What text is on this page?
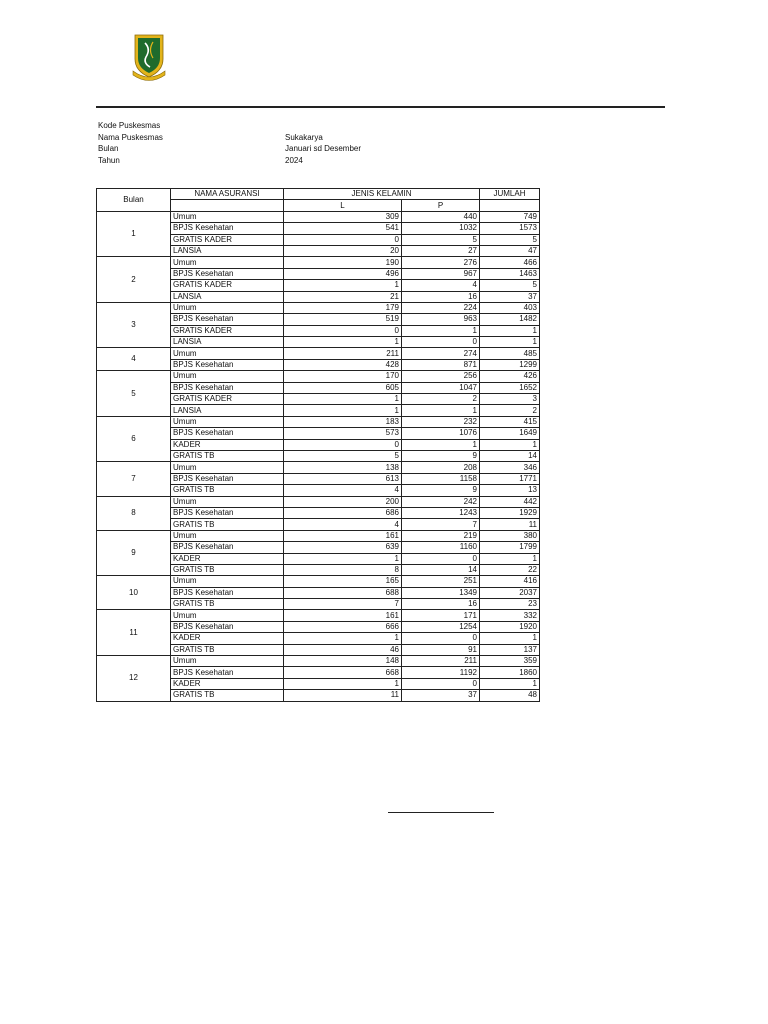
Kode Puskesmas
Nama Puskesmas	Sukakarya
Bulan	Januari sd Desember
Tahun	2024
Bulan	NAMA ASURANSI	JENIS KELAMIN		JUMLAH
		L	P	
1	Umum	309	440	749
	BPJS Kesehatan	541	1032	1573
	GRATIS KADER	0	5	5
	LANSIA	20	27	47
2	Umum	190	276	466
	BPJS Kesehatan	496	967	1463
	GRATIS KADER	1	4	5
	LANSIA	21	16	37
3	Umum	179	224	403
	BPJS Kesehatan	519	963	1482
	GRATIS KADER	0	1	1
	LANSIA	1	0	1
4	Umum	211	274	485
	BPJS Kesehatan	428	871	1299
5	Umum	170	256	426
	BPJS Kesehatan	605	1047	1652
	GRATIS KADER	1	2	3
	LANSIA	1	1	2
6	Umum	183	232	415
	BPJS Kesehatan	573	1076	1649
	KADER	0	1	1
	GRATIS TB	5	9	14
7	Umum	138	208	346
	BPJS Kesehatan	613	1158	1771
	GRATIS TB	4	9	13
8	Umum	200	242	442
	BPJS Kesehatan	686	1243	1929
	GRATIS TB	4	7	11
9	Umum	161	219	380
	BPJS Kesehatan	639	1160	1799
	KADER	1	0	1
	GRATIS TB	8	14	22
10	Umum	165	251	416
	BPJS Kesehatan	688	1349	2037
	GRATIS TB	7	16	23
11	Umum	161	171	332
	BPJS Kesehatan	666	1254	1920
	KADER	1	0	1
	GRATIS TB	46	91	137
12	Umum	148	211	359
	BPJS Kesehatan	668	1192	1860
	KADER	1	0	1
	GRATIS TB	11	37	48
